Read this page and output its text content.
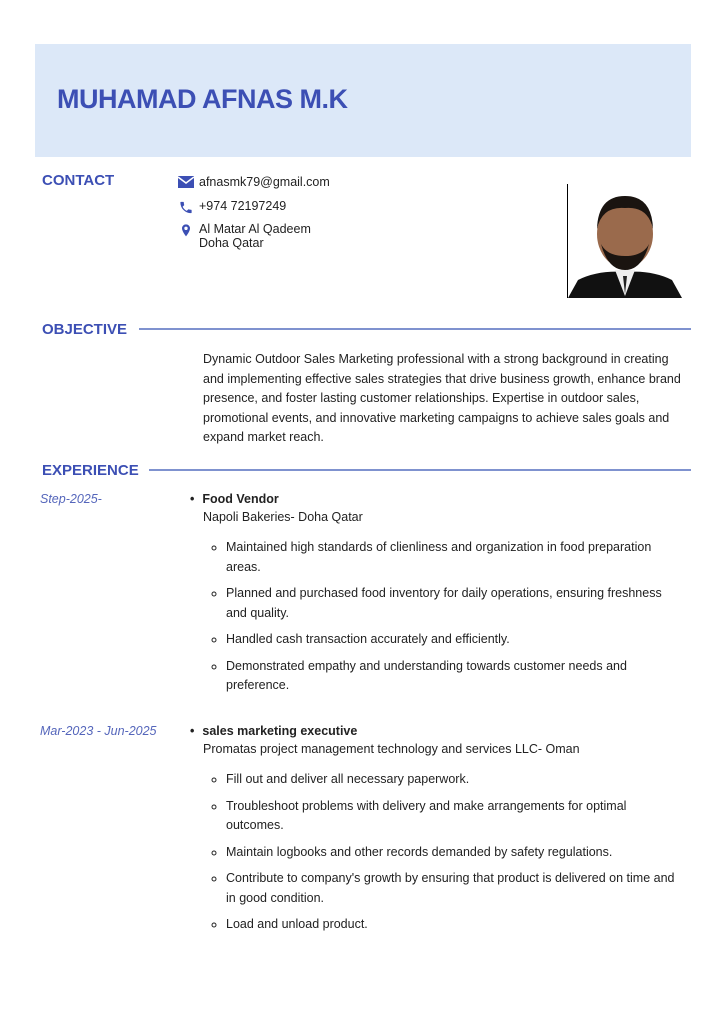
MUHAMAD AFNAS M.K
CONTACT	afnasmk79@gmail.com
+974 72197249
Al Matar Al Qadeem
Doha Qatar
OBJECTIVE
Dynamic Outdoor Sales Marketing professional with a strong background in creating and implementing effective sales strategies that drive business growth, enhance brand presence, and foster lasting customer relationships. Expertise in outdoor sales, promotional events, and innovative marketing campaigns to achieve sales goals and expand market reach.
EXPERIENCE
Step-2025-	• Food Vendor
Napoli Bakeries- Doha Qatar
◦ Maintained high standards of clienliness and organization in food preparation areas.
◦ Planned and purchased food inventory for daily operations, ensuring freshness and quality.
◦ Handled cash transaction accurately and efficiently.
◦ Demonstrated empathy and understanding towards customer needs and preference.
Mar-2023 - Jun-2025	• sales marketing executive
Promatas project management technology and services LLC- Oman
◦ Fill out and deliver all necessary paperwork.
◦ Troubleshoot problems with delivery and make arrangements for optimal outcomes.
◦ Maintain logbooks and other records demanded by safety regulations.
◦ Contribute to company's growth by ensuring that product is delivered on time and in good condition.
◦ Load and unload product.
